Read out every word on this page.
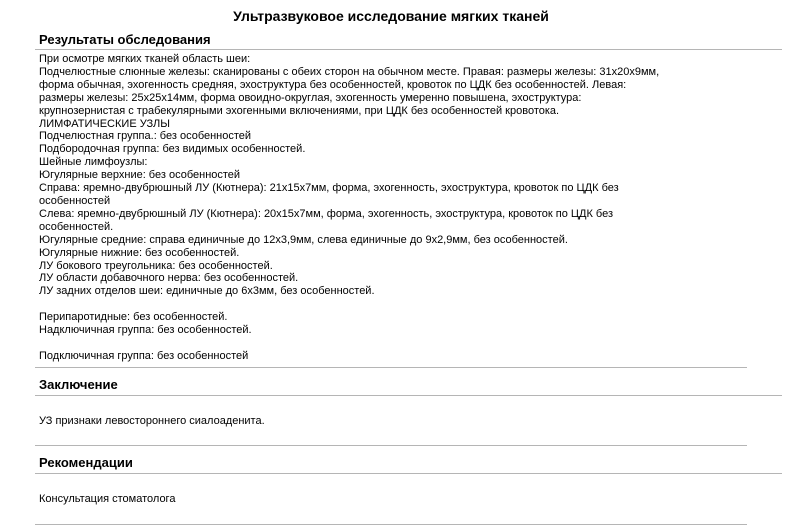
Ультразвуковое исследование мягких тканей
Результаты обследования
При осмотре мягких тканей область шеи:
Подчелюстные слюнные железы: сканированы с обеих сторон на обычном месте. Правая: размеры железы: 31х20х9мм,
форма обычная, эхогенность средняя, эхоструктура без особенностей, кровоток по ЦДК без особенностей. Левая:
размеры железы: 25х25х14мм, форма овоидно-округлая, эхогенность умеренно повышена, эхоструктура:
крупнозернистая с трабекулярными эхогенными включениями, при ЦДК без особенностей кровотока.
ЛИМФАТИЧЕСКИЕ УЗЛЫ
Подчелюстная группа.: без особенностей
Подбородочная группа: без видимых особенностей.
Шейные лимфоузлы:
Югулярные верхние: без особенностей
Справа: яремно-двубрюшный ЛУ (Кютнера): 21х15х7мм, форма, эхогенность, эхоструктура, кровоток по ЦДК без
особенностей
Слева: яремно-двубрюшный ЛУ (Кютнера): 20х15х7мм, форма, эхогенность, эхоструктура, кровоток по ЦДК без
особенностей.
Югулярные средние: справа единичные до 12х3,9мм, слева единичные до 9х2,9мм, без особенностей.
Югулярные нижние: без особенностей.
ЛУ бокового треугольника: без особенностей.
ЛУ области добавочного нерва: без особенностей.
ЛУ задних отделов шеи: единичные до 6х3мм, без особенностей.
Перипаротидные: без особенностей.
Надключичная группа: без особенностей.
Подключичная группа: без особенностей
Заключение

УЗ признаки левостороннего сиалоаденита.

Рекомендации

Консультация стоматолога
